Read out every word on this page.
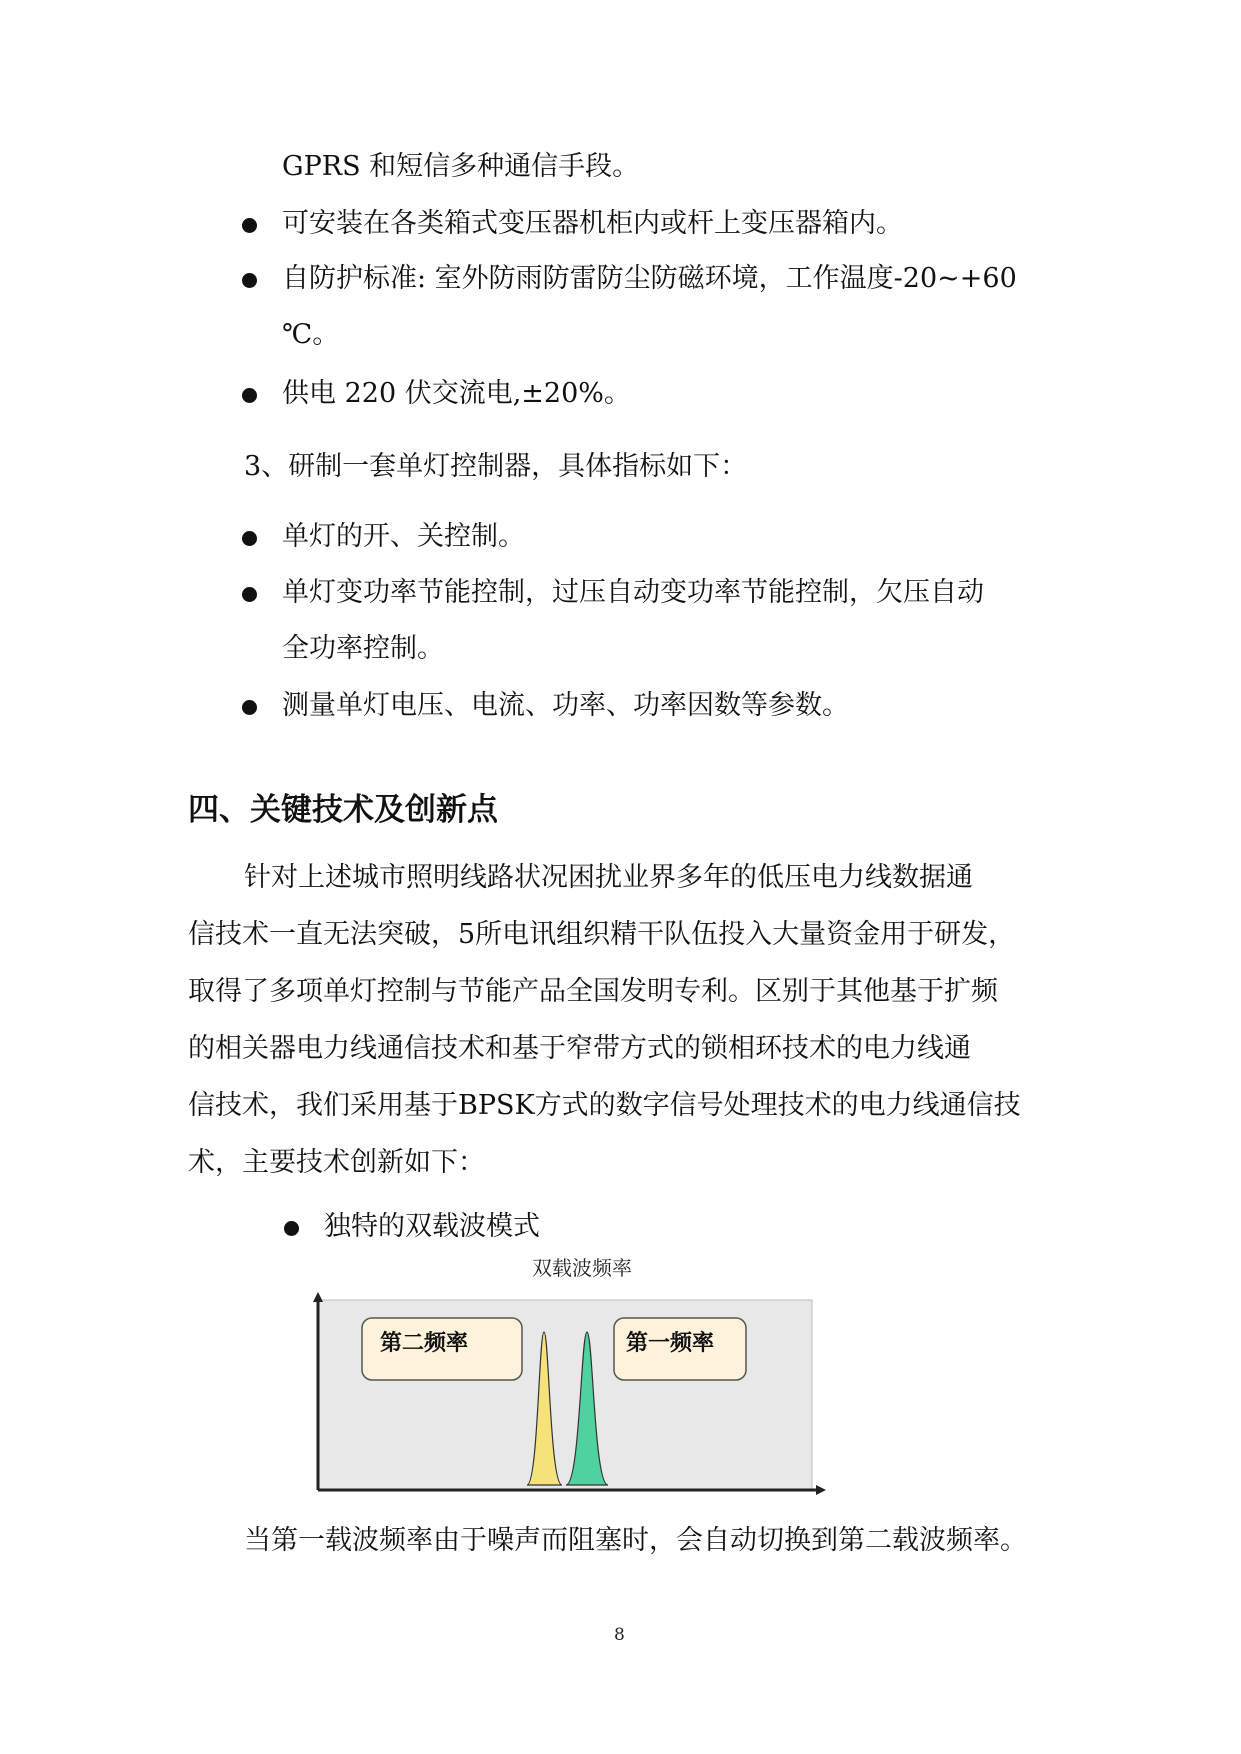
GPRS 和短信多种通信手段。
可安装在各类箱式变压器机柜内或杆上变压器箱内。
自防护标准: 室外防雨防雷防尘防磁环境，工作温度-20~+60
℃。
供电 220 伏交流电,±20%。
3、研制一套单灯控制器，具体指标如下：
单灯的开、关控制。
单灯变功率节能控制，过压自动变功率节能控制，欠压自动
全功率控制。
测量单灯电压、电流、功率、功率因数等参数。
四、关键技术及创新点
针对上述城市照明线路状况困扰业界多年的低压电力线数据通
信技术一直无法突破，5所电讯组织精干队伍投入大量资金用于研发，
取得了多项单灯控制与节能产品全国发明专利。区别于其他基于扩频
的相关器电力线通信技术和基于窄带方式的锁相环技术的电力线通
信技术，我们采用基于BPSK方式的数字信号处理技术的电力线通信技
术，主要技术创新如下：
独特的双载波模式
双载波频率
第二频率	第一频率
当第一载波频率由于噪声而阻塞时，会自动切换到第二载波频率。
8
